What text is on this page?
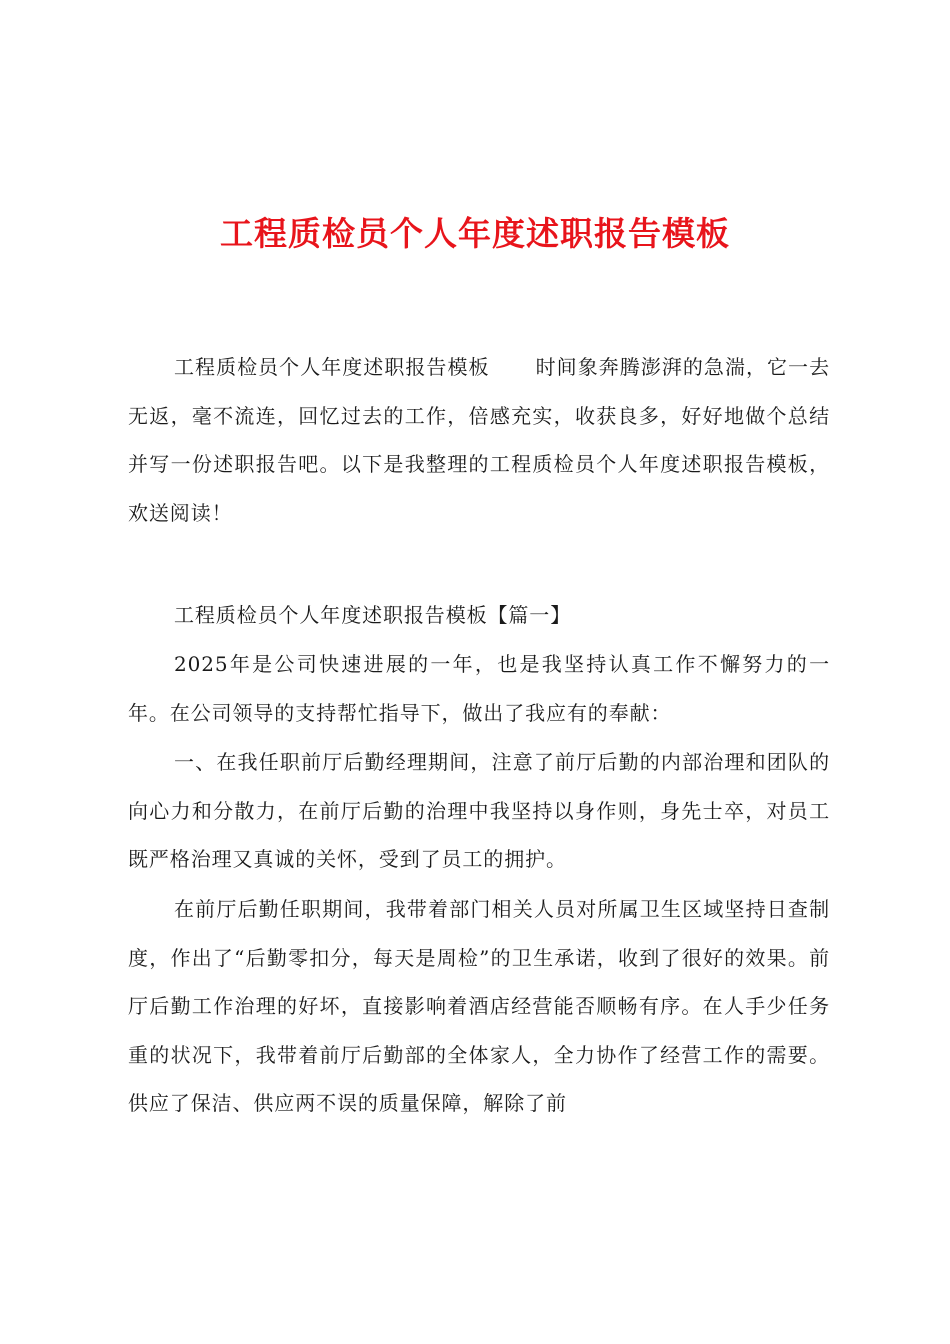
工程质检员个人年度述职报告模板

工程质检员个人年度述职报告模板 时间象奔腾澎湃的急湍，它一去无返，毫不流连，回忆过去的工作，倍感充实，收获良多，好好地做个总结并写一份述职报告吧。以下是我整理的工程质检员个人年度述职报告模板，欢送阅读！

工程质检员个人年度述职报告模板【篇一】

2025年是公司快速进展的一年，也是我坚持认真工作不懈努力的一年。在公司领导的支持帮忙指导下，做出了我应有的奉献：

一、在我任职前厅后勤经理期间，注意了前厅后勤的内部治理和团队的向心力和分散力，在前厅后勤的治理中我坚持以身作则，身先士卒，对员工既严格治理又真诚的关怀，受到了员工的拥护。

在前厅后勤任职期间，我带着部门相关人员对所属卫生区域坚持日查制度，作出了“后勤零扣分，每天是周检”的卫生承诺，收到了很好的效果。前厅后勤工作治理的好坏，直接影响着酒店经营能否顺畅有序。在人手少任务重的状况下，我带着前厅后勤部的全体家人，全力协作了经营工作的需要。供应了保洁、供应两不误的质量保障，解除了前
